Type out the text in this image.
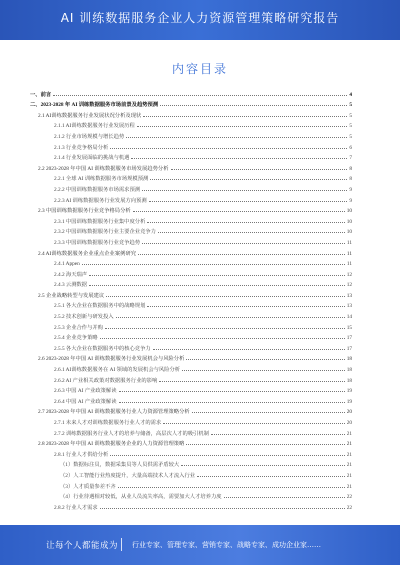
AI 训练数据服务企业人力资源管理策略研究报告
内容目录
一、前言	4
二、2023-2028 年 AI 训练数据服务市场前景及趋势预测	5
2.1 AI训练数据服务行业发展状况分析及现状	5
2.1.1 AI训练数据服务行业发展历程	5
2.1.2 行业市场规模与增长趋势	5
2.1.3 行业竞争格局分析	6
2.1.4 行业发展面临的挑战与机遇	7
2.2 2023-2028 年中国 AI 训练数据服务市场发展趋势分析	8
2.2.1 全球 AI 训练数据服务市场规模预测	8
2.2.2 中国训练数据服务市场需求预测	9
2.2.3 AI 训练数据服务行业发展方向预测	9
2.3 中国训练数据服务行业竞争格局分析	10
2.3.1 中国训练数据服务行业集中度分析	10
2.3.2 中国训练数据服务行业主要企业竞争力	10
2.3.3 中国训练数据服务行业竞争趋势	11
2.4 AI训练数据服务企业重点企业案例研究	11
2.4.1 Appen	11
2.4.2 海天瑞声	12
2.4.3 云测数据	12
2.5 企业战略转型与发展建议	13
2.5.1 各大企业在数据服务中的战略规划	13
2.5.2 技术创新与研发投入	14
2.5.3 企业合作与并购	15
2.5.4 企业竞争策略	17
2.5.5 各大企业在数据服务中的核心竞争力	17
2.6 2023-2028 年中国 AI 训练数据服务行业发展机会与风险分析	18
2.6.1 AI训练数据服务在 AI 领域的发展机会与风险分析	18
2.6.2 AI 产业相关政策对数据服务行业的影响	18
2.6.3 中国 AI 产业政策解读	19
2.6.4 中国 AI 产业政策解读	19
2.7 2023-2028 年中国 AI 训练数据服务行业人力资源管理策略分析	20
2.7.1 未来人才对训练数据服务行业人才的需求	20
2.7.2 训练数据服务行业人才的培养与储备，高层次人才的吸引机制	21
2.8 2023-2028 年中国 AI 训练数据服务企业的人力资源管理策略	21
2.8.1 行业人才供给分析	21
（1）数据标注员，数据采集员等人员供需矛盾较大	21
（2）人工智能行业热度提升，大量高端技术人才流入行业	21
（3）人才质量参差不齐	21
（4）行业待遇相对较低，从业人员流失率高，需要加大人才培养力度	22
2.8.2 行业人才需求	22
让每个人都能成为 行业专家、管理专家、营销专家、战略专家、成功企业家……
